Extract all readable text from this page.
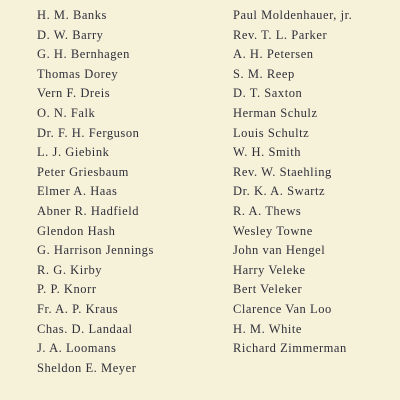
H. M. Banks
D. W. Barry
G. H. Bernhagen
Thomas Dorey
Vern F. Dreis
O. N. Falk
Dr. F. H. Ferguson
L. J. Giebink
Peter Griesbaum
Elmer A. Haas
Abner R. Hadfield
Glendon Hash
G. Harrison Jennings
R. G. Kirby
P. P. Knorr
Fr. A. P. Kraus
Chas. D. Landaal
J. A. Loomans
Sheldon E. Meyer
Paul Moldenhauer, jr.
Rev. T. L. Parker
A. H. Petersen
S. M. Reep
D. T. Saxton
Herman Schulz
Louis Schultz
W. H. Smith
Rev. W. Staehling
Dr. K. A. Swartz
R. A. Thews
Wesley Towne
John van Hengel
Harry Veleke
Bert Veleker
Clarence Van Loo
H. M. White
Richard Zimmerman
